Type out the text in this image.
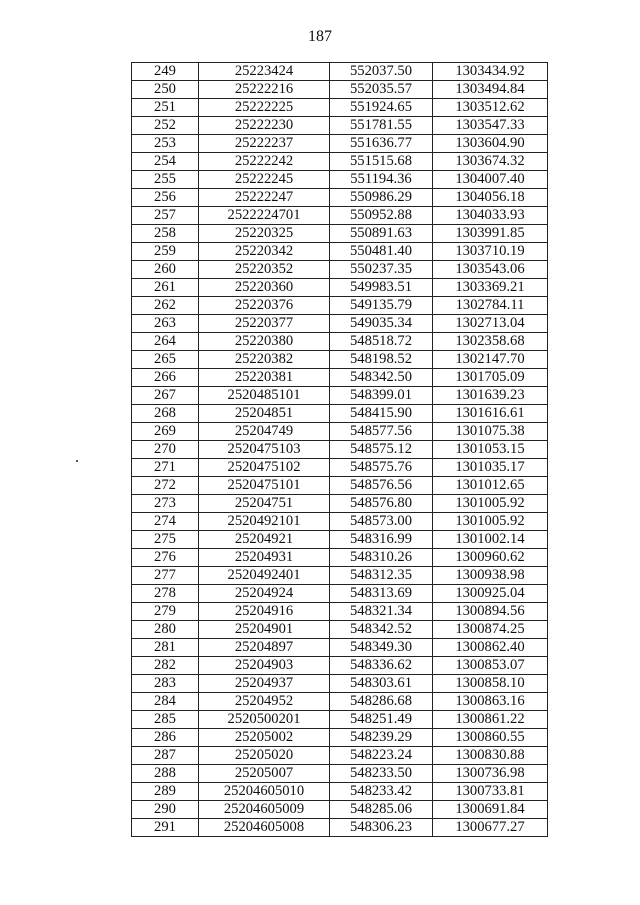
187
249	25223424	552037.50	1303434.92
250	25222216	552035.57	1303494.84
251	25222225	551924.65	1303512.62
252	25222230	551781.55	1303547.33
253	25222237	551636.77	1303604.90
254	25222242	551515.68	1303674.32
255	25222245	551194.36	1304007.40
256	25222247	550986.29	1304056.18
257	2522224701	550952.88	1304033.93
258	25220325	550891.63	1303991.85
259	25220342	550481.40	1303710.19
260	25220352	550237.35	1303543.06
261	25220360	549983.51	1303369.21
262	25220376	549135.79	1302784.11
263	25220377	549035.34	1302713.04
264	25220380	548518.72	1302358.68
265	25220382	548198.52	1302147.70
266	25220381	548342.50	1301705.09
267	2520485101	548399.01	1301639.23
268	25204851	548415.90	1301616.61
269	25204749	548577.56	1301075.38
270	2520475103	548575.12	1301053.15
271	2520475102	548575.76	1301035.17
272	2520475101	548576.56	1301012.65
273	25204751	548576.80	1301005.92
274	2520492101	548573.00	1301005.92
275	25204921	548316.99	1301002.14
276	25204931	548310.26	1300960.62
277	2520492401	548312.35	1300938.98
278	25204924	548313.69	1300925.04
279	25204916	548321.34	1300894.56
280	25204901	548342.52	1300874.25
281	25204897	548349.30	1300862.40
282	25204903	548336.62	1300853.07
283	25204937	548303.61	1300858.10
284	25204952	548286.68	1300863.16
285	2520500201	548251.49	1300861.22
286	25205002	548239.29	1300860.55
287	25205020	548223.24	1300830.88
288	25205007	548233.50	1300736.98
289	25204605010	548233.42	1300733.81
290	25204605009	548285.06	1300691.84
291	25204605008	548306.23	1300677.27
